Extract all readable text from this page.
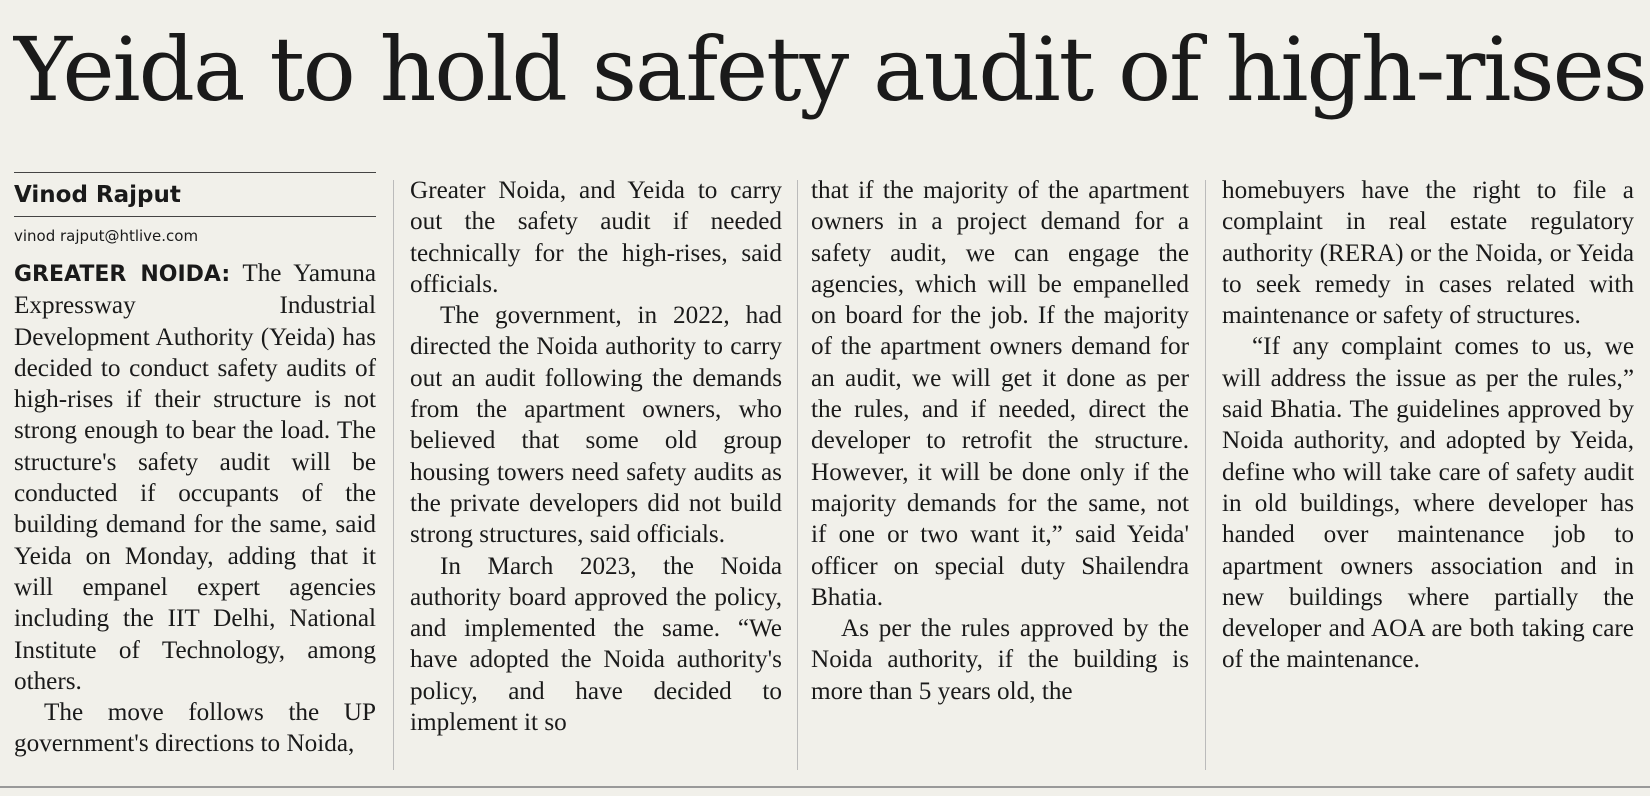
Yeida to hold safety audit of high-rises
Vinod Rajput
vinod rajput@htlive.com

GREATER NOIDA: The Yamuna Expressway Industrial Development Authority (Yeida) has decided to conduct safety audits of high-rises if their structure is not strong enough to bear the load. The structure's safety audit will be conducted if occupants of the building demand for the same, said Yeida on Monday, adding that it will empanel expert agencies including the IIT Delhi, National Institute of Technology, among others.

The move follows the UP government's directions to Noida,

Greater Noida, and Yeida to carry out the safety audit if needed technically for the high-rises, said officials.

The government, in 2022, had directed the Noida authority to carry out an audit following the demands from the apartment owners, who believed that some old group housing towers need safety audits as the private developers did not build strong structures, said officials.

In March 2023, the Noida authority board approved the policy, and implemented the same. “We have adopted the Noida authority's policy, and have decided to implement it so

that if the majority of the apartment owners in a project demand for a safety audit, we can engage the agencies, which will be empanelled on board for the job. If the majority of the apartment owners demand for an audit, we will get it done as per the rules, and if needed, direct the developer to retrofit the structure. However, it will be done only if the majority demands for the same, not if one or two want it,” said Yeida' officer on special duty Shailendra Bhatia.

As per the rules approved by the Noida authority, if the building is more than 5 years old, the

homebuyers have the right to file a complaint in real estate regulatory authority (RERA) or the Noida, or Yeida to seek remedy in cases related with maintenance or safety of structures.

“If any complaint comes to us, we will address the issue as per the rules,” said Bhatia. The guidelines approved by Noida authority, and adopted by Yeida, define who will take care of safety audit in old buildings, where developer has handed over maintenance job to apartment owners association and in new buildings where partially the developer and AOA are both taking care of the maintenance.
